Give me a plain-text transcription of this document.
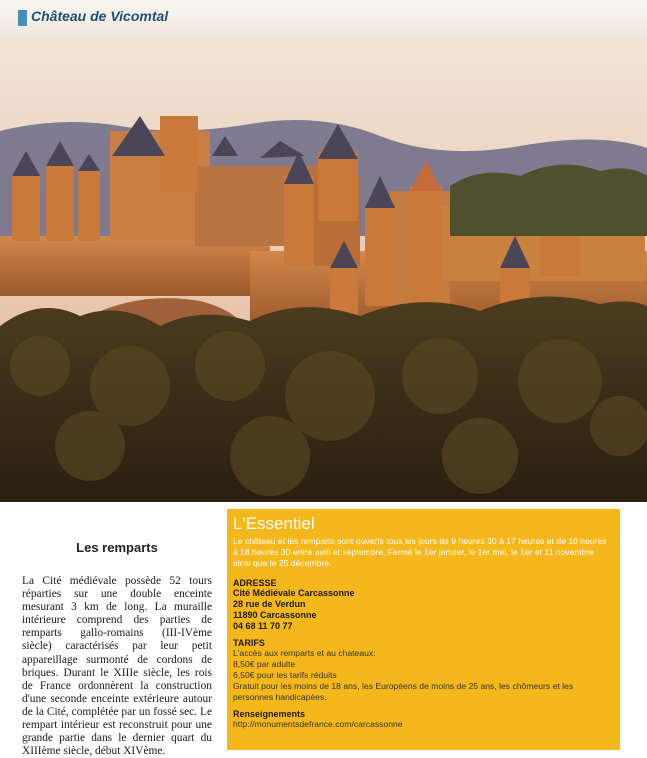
Château de Vicomtal
Les remparts

La Cité médiévale possède 52 tours réparties sur une double enceinte mesurant 3 km de long. La muraille intérieure comprend des parties de remparts gallo-romains (III-IVème siècle) caractérisés par leur petit appareillage surmonté de cordons de briques. Durant le XIIIe siècle, les rois de France ordonnèrent la construction d'une seconde enceinte extérieure autour de la Cité, complétée par un fossé sec. Le rempart intérieur est reconstruit pour une grande partie dans le dernier quart du XIIIème siècle, début XIVème.

L'Essentiel
Le château et les remparts sont ouverts tous les jours de 9 heures 30 à 17 heures et de 10 heures à 18 heures 30 entre avril et septembre. Fermé le 1er janvier, le 1er mai, le 1er et 11 novembre ainsi que le 25 décembre.
ADRESSE
Cité Médiévale Carcassonne
28 rue de Verdun
11890 Carcassonne
04 68 11 70 77
TARIFS
L'accès aux remparts et au chateaux:
8,50€ par adulte
6,50€ pour les tarifs réduits
Gratuit pour les moins de 18 ans, les Européens de moins de 25 ans, les chômeurs et les personnes handicapées.
Renseignements
http://monumentsdefrance.com/carcassonne
